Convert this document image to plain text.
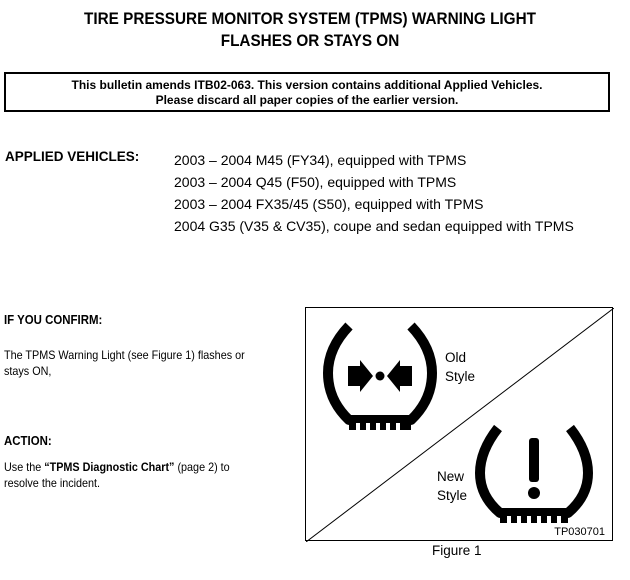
TIRE PRESSURE MONITOR SYSTEM (TPMS) WARNING LIGHT
FLASHES OR STAYS ON
This bulletin amends ITB02-063. This version contains additional Applied Vehicles.
Please discard all paper copies of the earlier version.
APPLIED VEHICLES: 2003 – 2004 M45 (FY34), equipped with TPMS
2003 – 2004 Q45 (F50), equipped with TPMS
2003 – 2004 FX35/45 (S50), equipped with TPMS
2004 G35 (V35 & CV35), coupe and sedan equipped with TPMS
IF YOU CONFIRM:
The TPMS Warning Light (see Figure 1) flashes or
stays ON,
ACTION:
Use the “TPMS Diagnostic Chart” (page 2) to
resolve the incident.
Old
Style
New
Style
TP030701
Figure 1
